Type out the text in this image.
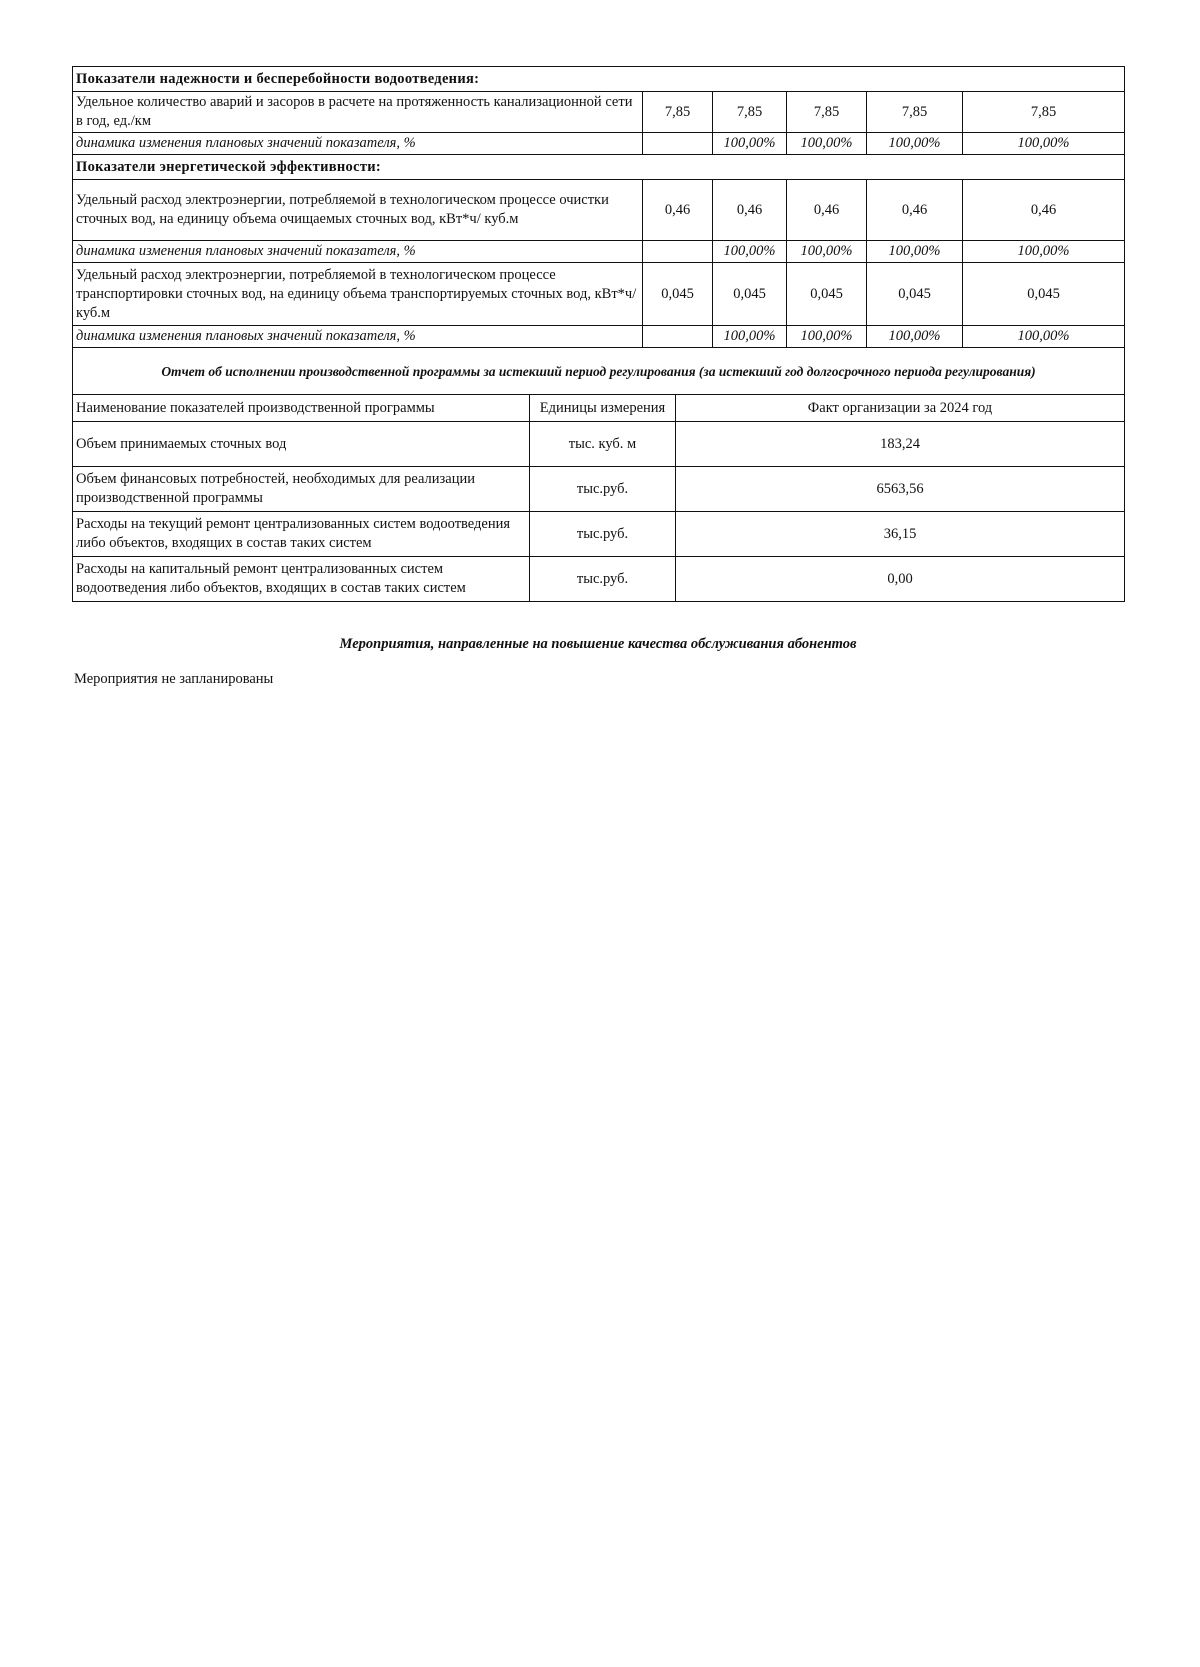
Показатели надежности и бесперебойности водоотведения:					
Удельное количество аварий и засоров в расчете на протяженность канализационной сети в год, ед./км	7,85	7,85	7,85	7,85	7,85
динамика изменения плановых значений показателя, %		100,00%	100,00%	100,00%	100,00%
Показатели энергетической эффективности:					
Удельный расход электроэнергии, потребляемой в технологическом процессе очистки сточных вод, на единицу объема очищаемых сточных вод, кВт*ч/ куб.м	0,46	0,46	0,46	0,46	0,46
динамика изменения плановых значений показателя, %		100,00%	100,00%	100,00%	100,00%
Удельный расход электроэнергии, потребляемой в технологическом процессе транспортировки сточных вод, на единицу объема транспортируемых сточных вод, кВт*ч/ куб.м	0,045	0,045	0,045	0,045	0,045
динамика изменения плановых значений показателя, %		100,00%	100,00%	100,00%	100,00%
Отчет об исполнении производственной программы за истекший период регулирования (за истекший год долгосрочного периода регулирования)					
Наименование показателей производственной программы	Единицы измерения	Факт организации за 2024 год
Объем принимаемых сточных вод	тыс. куб. м	183,24
Объем финансовых потребностей, необходимых для реализации производственной программы	тыс.руб.	6563,56
Расходы на текущий ремонт централизованных систем водоотведения либо объектов, входящих в состав таких систем	тыс.руб.	36,15
Расходы на капитальный ремонт централизованных систем водоотведения либо объектов, входящих в состав таких систем	тыс.руб.	0,00
Мероприятия, направленные на повышение качества обслуживания абонентов
Мероприятия не запланированы
